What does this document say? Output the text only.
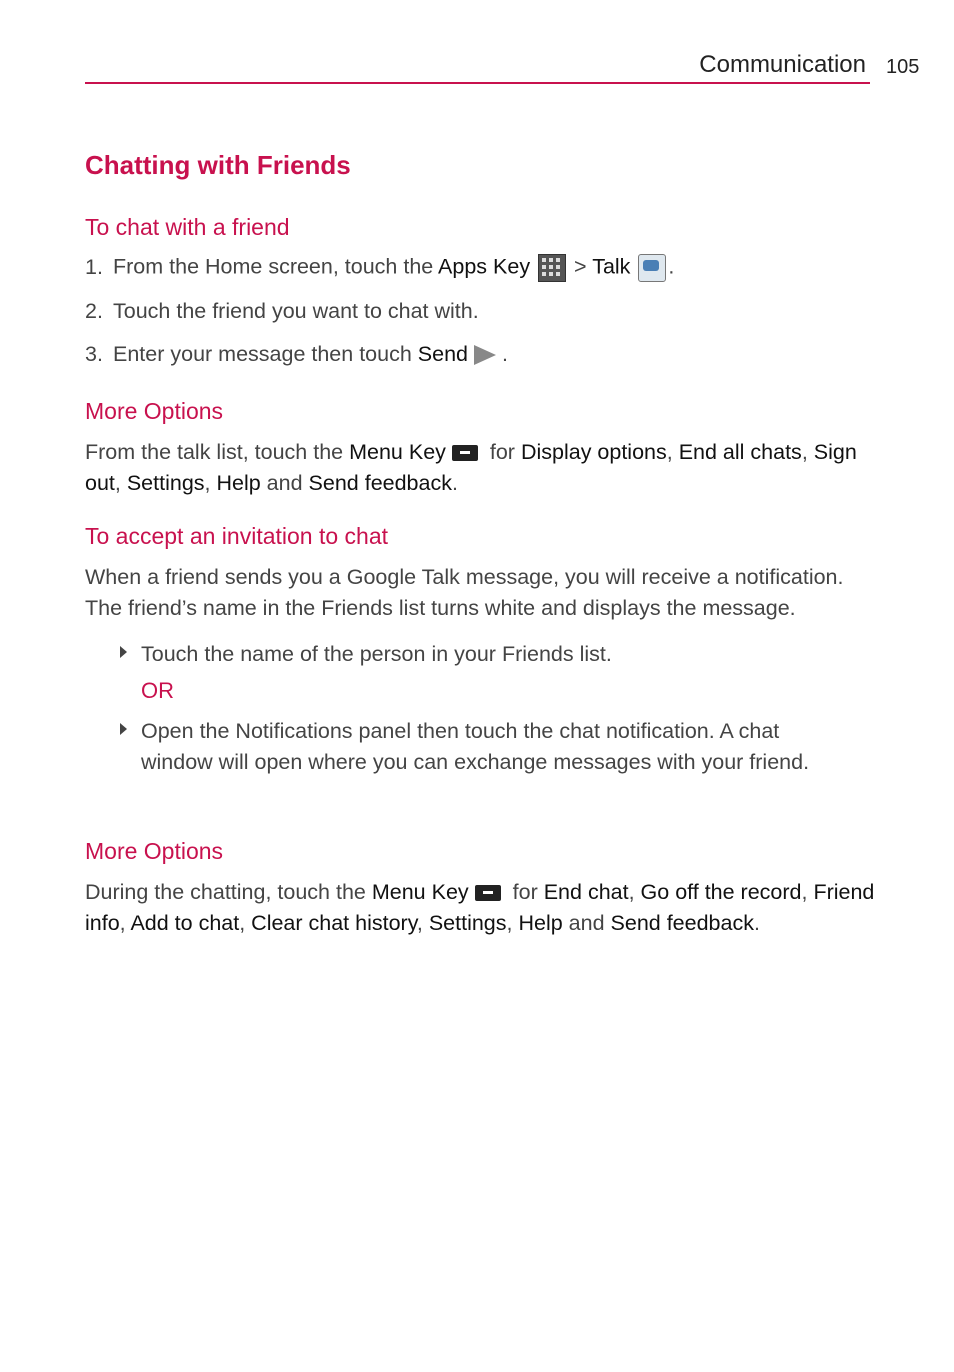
Communication 105
Chatting with Friends
To chat with a friend
1. From the Home screen, touch the Apps Key
> Talk .
2. Touch the friend you want to chat with.
3. Enter your message then touch Send .
More Options
From the talk list, touch the Menu Key for Display options, End all chats, Sign out, Settings, Help and Send feedback.
To accept an invitation to chat
When a friend sends you a Google Talk message, you will receive a notification. The friend’s name in the Friends list turns white and displays the message.
Touch the name of the person in your Friends list.
OR
Open the Notifications panel then touch the chat notification. A chat window will open where you can exchange messages with your friend.
More Options
During the chatting, touch the Menu Key for End chat, Go off the record, Friend info, Add to chat, Clear chat history, Settings, Help and Send feedback.
